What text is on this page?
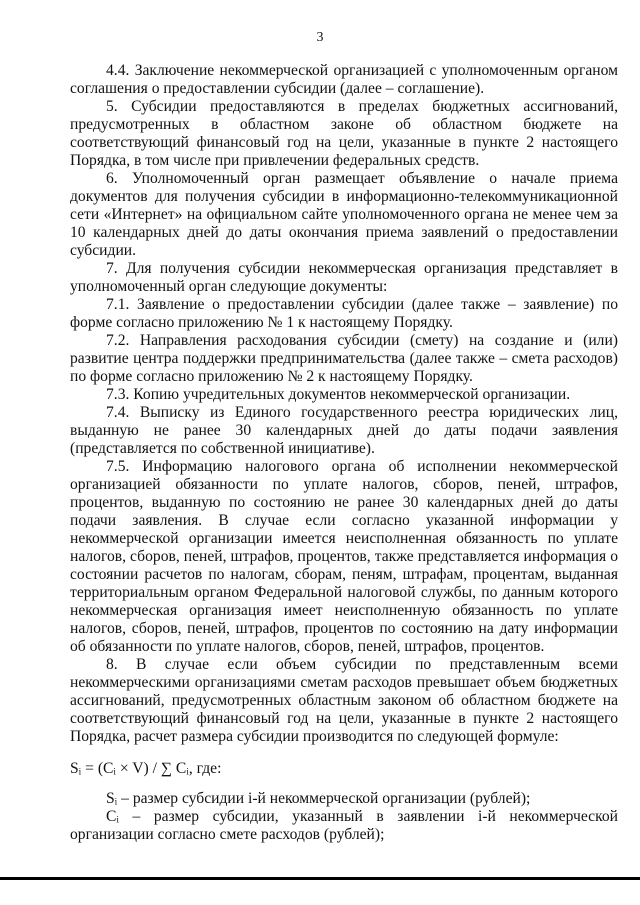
3

4.4. Заключение некоммерческой организацией с уполномоченным органом соглашения о предоставлении субсидии (далее – соглашение).

5. Субсидии предоставляются в пределах бюджетных ассигнований, предусмотренных в областном законе об областном бюджете на соответствующий финансовый год на цели, указанные в пункте 2 настоящего Порядка, в том числе при привлечении федеральных средств.

6. Уполномоченный орган размещает объявление о начале приема документов для получения субсидии в информационно-телекоммуникационной сети «Интернет» на официальном сайте уполномоченного органа не менее чем за 10 календарных дней до даты окончания приема заявлений о предоставлении субсидии.

7. Для получения субсидии некоммерческая организация представляет в уполномоченный орган следующие документы:

7.1. Заявление о предоставлении субсидии (далее также – заявление) по форме согласно приложению № 1 к настоящему Порядку.

7.2. Направления расходования субсидии (смету) на создание и (или) развитие центра поддержки предпринимательства (далее также – смета расходов) по форме согласно приложению № 2 к настоящему Порядку.

7.3. Копию учредительных документов некоммерческой организации.

7.4. Выписку из Единого государственного реестра юридических лиц, выданную не ранее 30 календарных дней до даты подачи заявления (представляется по собственной инициативе).

7.5. Информацию налогового органа об исполнении некоммерческой организацией обязанности по уплате налогов, сборов, пеней, штрафов, процентов, выданную по состоянию не ранее 30 календарных дней до даты подачи заявления. В случае если согласно указанной информации у некоммерческой организации имеется неисполненная обязанность по уплате налогов, сборов, пеней, штрафов, процентов, также представляется информация о состоянии расчетов по налогам, сборам, пеням, штрафам, процентам, выданная территориальным органом Федеральной налоговой службы, по данным которого некоммерческая организация имеет неисполненную обязанность по уплате налогов, сборов, пеней, штрафов, процентов по состоянию на дату информации об обязанности по уплате налогов, сборов, пеней, штрафов, процентов.

8. В случае если объем субсидии по представленным всеми некоммерческими организациями сметам расходов превышает объем бюджетных ассигнований, предусмотренных областным законом об областном бюджете на соответствующий финансовый год на цели, указанные в пункте 2 настоящего Порядка, расчет размера субсидии производится по следующей формуле:

Sᵢ = (Cᵢ × V) / ∑ Cᵢ, где:

Sᵢ – размер субсидии i-й некоммерческой организации (рублей);

Cᵢ – размер субсидии, указанный в заявлении i-й некоммерческой организации согласно смете расходов (рублей);
